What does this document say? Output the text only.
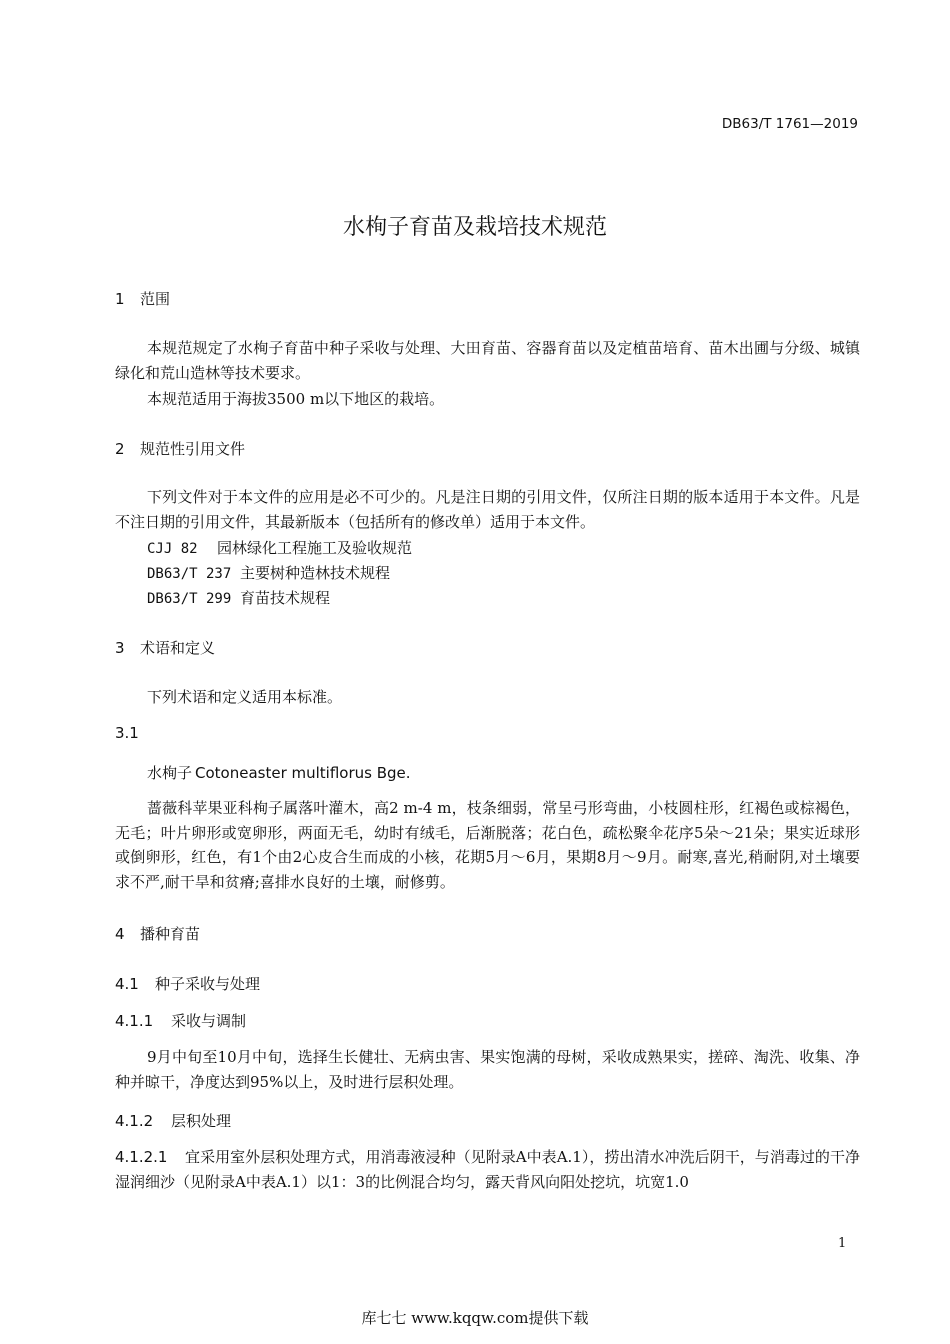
DB63/T 1761—2019
水栒子育苗及栽培技术规范
1 范围
本规范规定了水栒子育苗中种子采收与处理、大田育苗、容器育苗以及定植苗培育、苗木出圃与分级、城镇绿化和荒山造林等技术要求。
本规范适用于海拔3500 m以下地区的栽培。
2 规范性引用文件
下列文件对于本文件的应用是必不可少的。凡是注日期的引用文件，仅所注日期的版本适用于本文件。凡是不注日期的引用文件，其最新版本（包括所有的修改单）适用于本文件。
CJJ 82 园林绿化工程施工及验收规范
DB63/T 237 主要树种造林技术规程
DB63/T 299 育苗技术规程
3 术语和定义
下列术语和定义适用本标准。
3.1
水栒子 Cotoneaster multiflorus Bge.
蔷薇科苹果亚科栒子属落叶灌木，高2 m-4 m，枝条细弱，常呈弓形弯曲，小枝圆柱形，红褐色或棕褐色，无毛；叶片卵形或宽卵形，两面无毛，幼时有绒毛，后渐脱落；花白色，疏松聚伞花序5朵～21朵；果实近球形或倒卵形，红色，有1个由2心皮合生而成的小核，花期5月～6月，果期8月～9月。耐寒,喜光,稍耐阴,对土壤要求不严,耐干旱和贫瘠;喜排水良好的土壤，耐修剪。
4 播种育苗
4.1 种子采收与处理
4.1.1 采收与调制
9月中旬至10月中旬，选择生长健壮、无病虫害、果实饱满的母树，采收成熟果实，搓碎、淘洗、收集、净种并晾干，净度达到95%以上，及时进行层积处理。
4.1.2 层积处理
4.1.2.1 宜采用室外层积处理方式，用消毒液浸种（见附录A中表A.1），捞出清水冲洗后阴干，与消毒过的干净湿润细沙（见附录A中表A.1）以1：3的比例混合均匀，露天背风向阳处挖坑，坑宽1.0
1
库七七 www.kqqw.com提供下载
